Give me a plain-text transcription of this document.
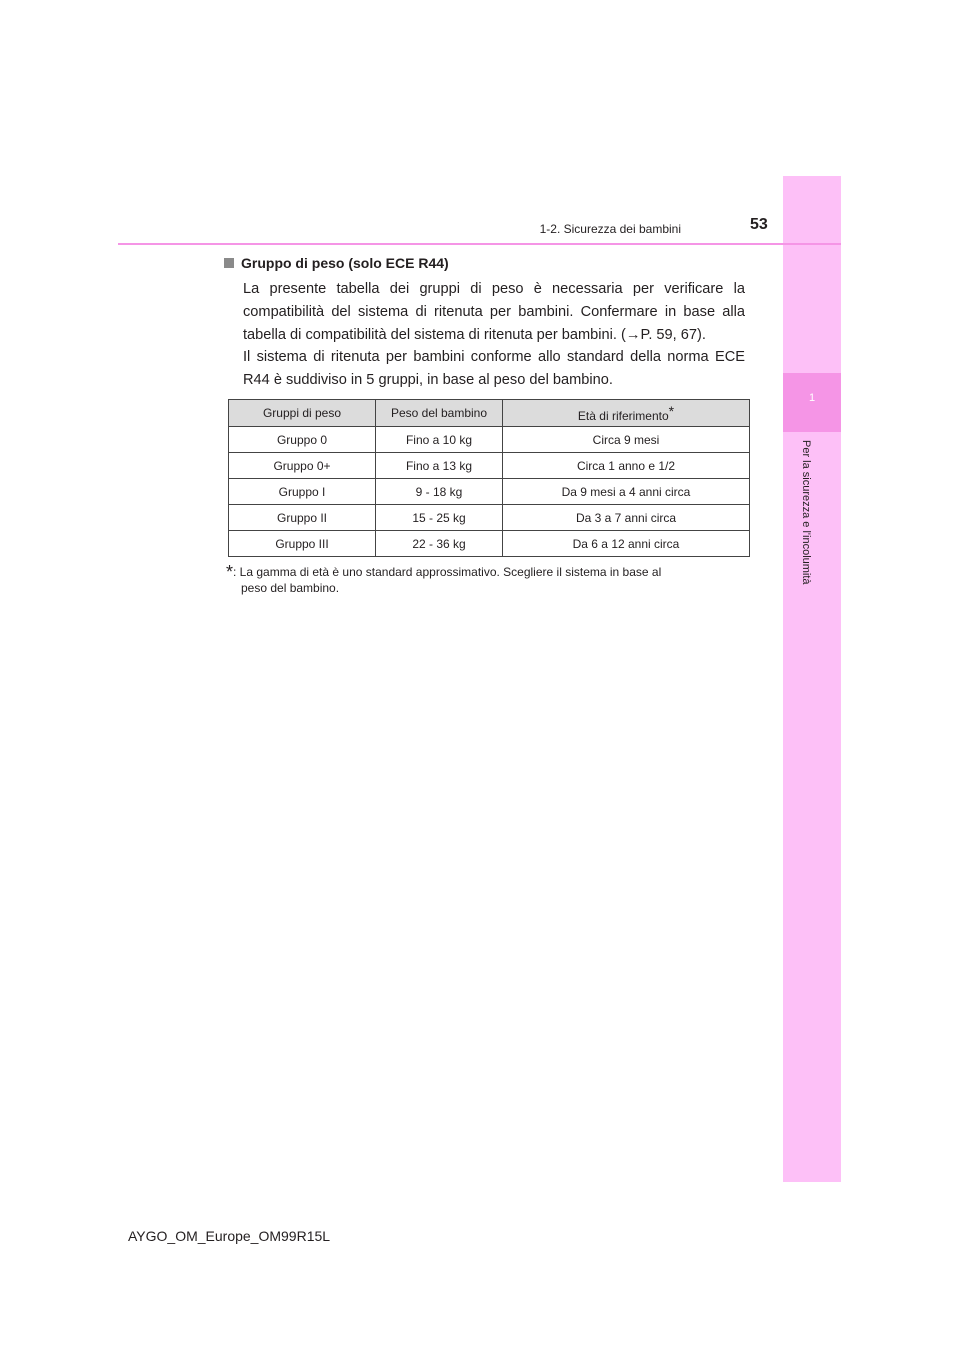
1
Per la sicurezza e l'incolumità
1-2. Sicurezza dei bambini	53
Gruppo di peso (solo ECE R44)
La presente tabella dei gruppi di peso è necessaria per verificare la compatibilità del sistema di ritenuta per bambini. Confermare in base alla tabella di compatibilità del sistema di ritenuta per bambini. (→P. 59, 67).
Il sistema di ritenuta per bambini conforme allo standard della norma ECE R44 è suddiviso in 5 gruppi, in base al peso del bambino.
Gruppi di peso	Peso del bambino	Età di riferimento*
Gruppo 0	Fino a 10 kg	Circa 9 mesi
Gruppo 0+	Fino a 13 kg	Circa 1 anno e 1/2
Gruppo I	9 - 18 kg	Da 9 mesi a 4 anni circa
Gruppo II	15 - 25 kg	Da 3 a 7 anni circa
Gruppo III	22 - 36 kg	Da 6 a 12 anni circa
*: La gamma di età è uno standard approssimativo. Scegliere il sistema in base al
peso del bambino.
AYGO_OM_Europe_OM99R15L
